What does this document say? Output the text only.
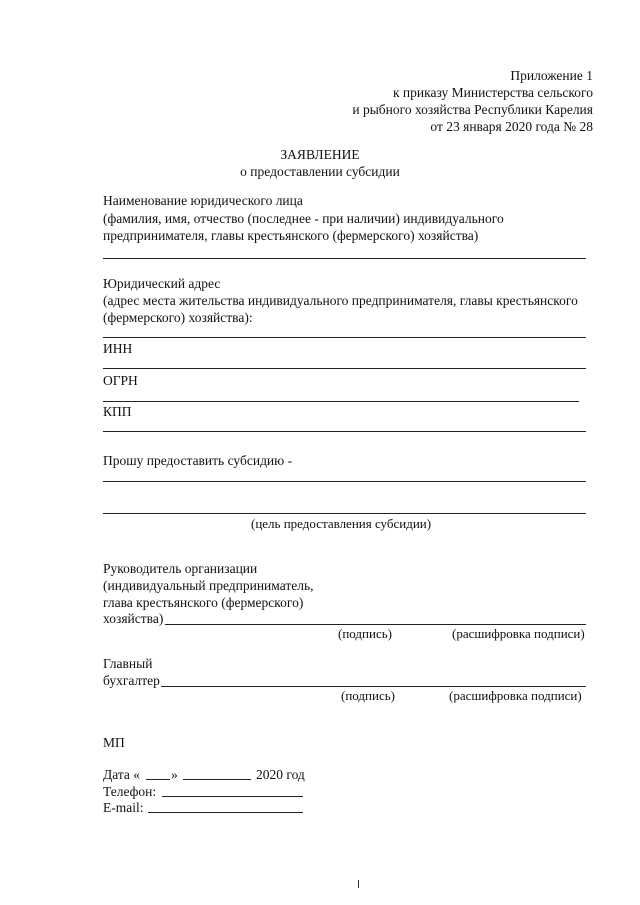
Приложение 1
к приказу Министерства сельского
и рыбного хозяйства Республики Карелия
от 23 января 2020 года № 28
ЗАЯВЛЕНИЕ
о предоставлении субсидии
Наименование юридического лица
(фамилия, имя, отчество (последнее - при наличии) индивидуального
предпринимателя, главы крестьянского (фермерского) хозяйства)
Юридический адрес
(адрес места жительства индивидуального предпринимателя, главы крестьянского
(фермерского) хозяйства):
ИНН
ОГРН
КПП
Прошу предоставить субсидию -
(цель предоставления субсидии)
Руководитель организации
(индивидуальный предприниматель,
глава крестьянского (фермерского)
хозяйства)
(подпись)	(расшифровка подписи)
Главный
бухгалтер
(подпись)	(расшифровка подписи)
МП
Дата « »	2020 год
Телефон:
E-mail:
